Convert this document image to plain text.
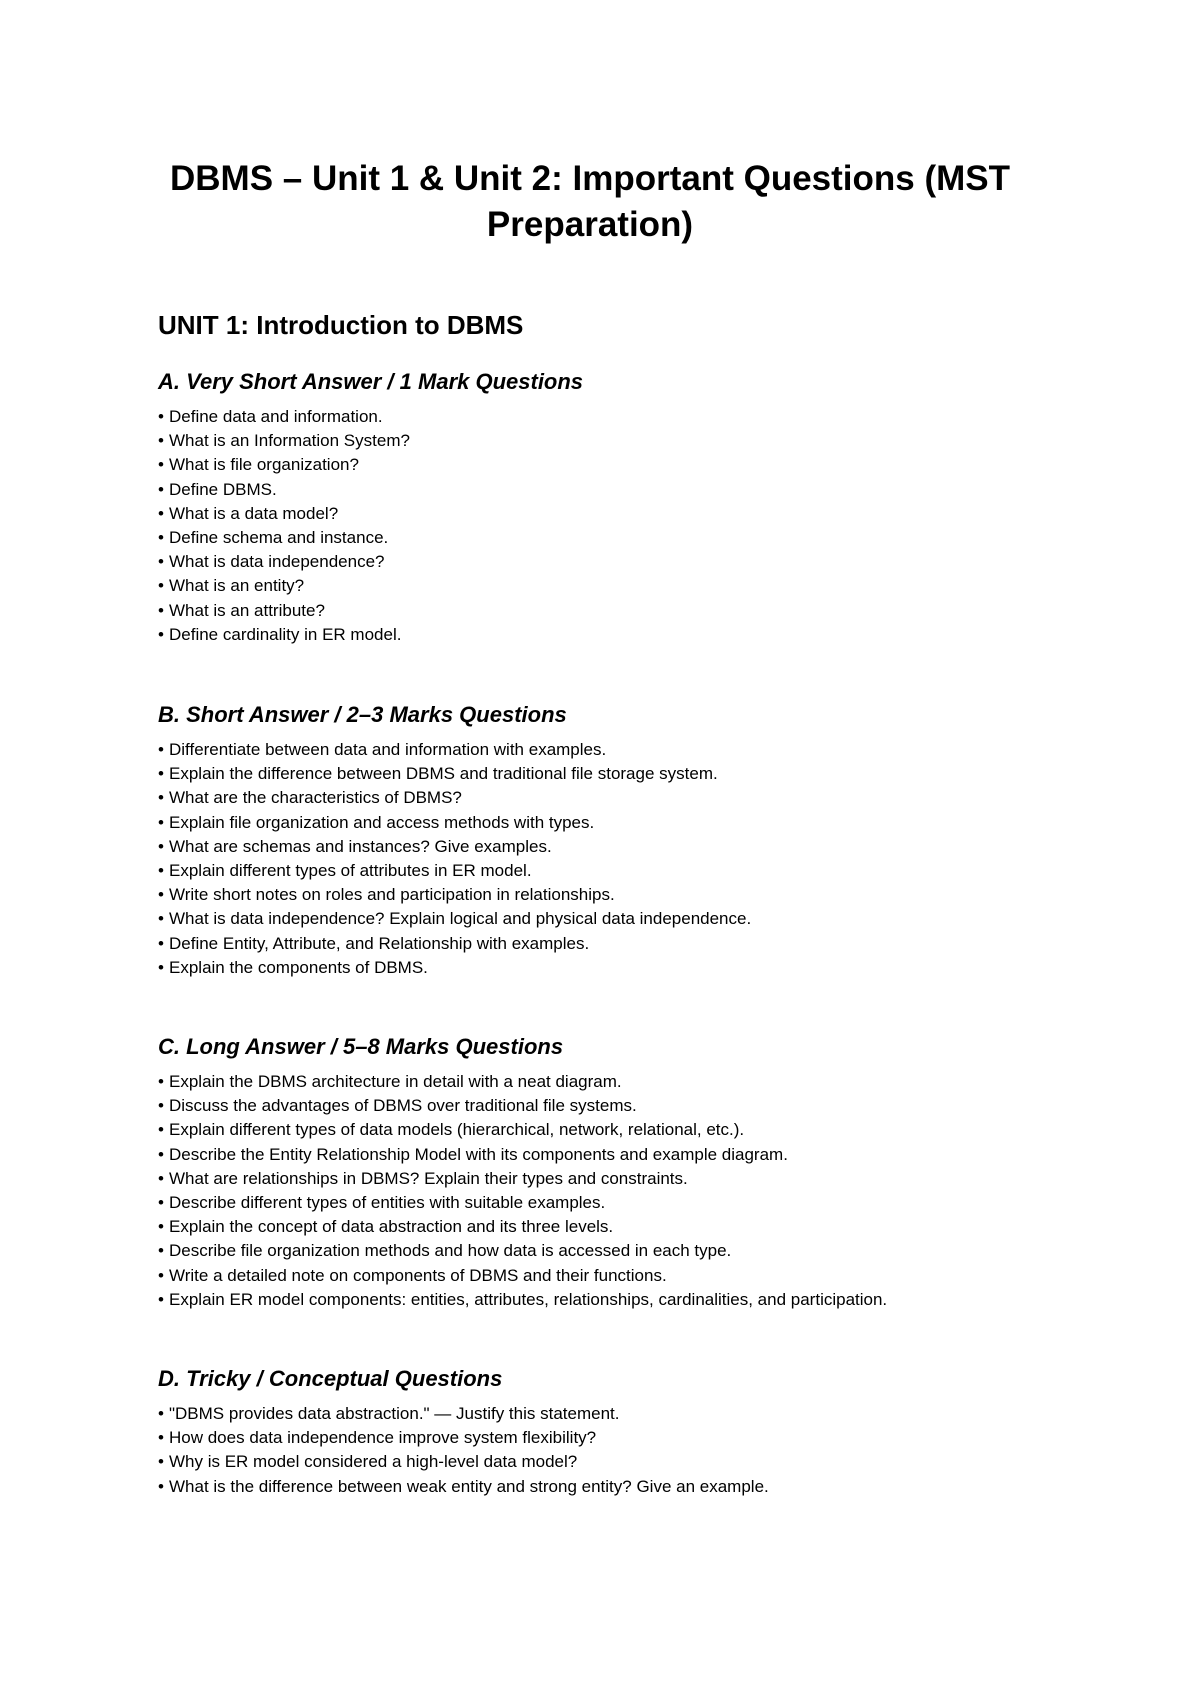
DBMS – Unit 1 & Unit 2: Important Questions (MST Preparation)
UNIT 1: Introduction to DBMS
A. Very Short Answer / 1 Mark Questions
• Define data and information.
• What is an Information System?
• What is file organization?
• Define DBMS.
• What is a data model?
• Define schema and instance.
• What is data independence?
• What is an entity?
• What is an attribute?
• Define cardinality in ER model.
B. Short Answer / 2–3 Marks Questions
• Differentiate between data and information with examples.
• Explain the difference between DBMS and traditional file storage system.
• What are the characteristics of DBMS?
• Explain file organization and access methods with types.
• What are schemas and instances? Give examples.
• Explain different types of attributes in ER model.
• Write short notes on roles and participation in relationships.
• What is data independence? Explain logical and physical data independence.
• Define Entity, Attribute, and Relationship with examples.
• Explain the components of DBMS.
C. Long Answer / 5–8 Marks Questions
• Explain the DBMS architecture in detail with a neat diagram.
• Discuss the advantages of DBMS over traditional file systems.
• Explain different types of data models (hierarchical, network, relational, etc.).
• Describe the Entity Relationship Model with its components and example diagram.
• What are relationships in DBMS? Explain their types and constraints.
• Describe different types of entities with suitable examples.
• Explain the concept of data abstraction and its three levels.
• Describe file organization methods and how data is accessed in each type.
• Write a detailed note on components of DBMS and their functions.
• Explain ER model components: entities, attributes, relationships, cardinalities, and participation.
D. Tricky / Conceptual Questions
• "DBMS provides data abstraction." — Justify this statement.
• How does data independence improve system flexibility?
• Why is ER model considered a high-level data model?
• What is the difference between weak entity and strong entity? Give an example.
